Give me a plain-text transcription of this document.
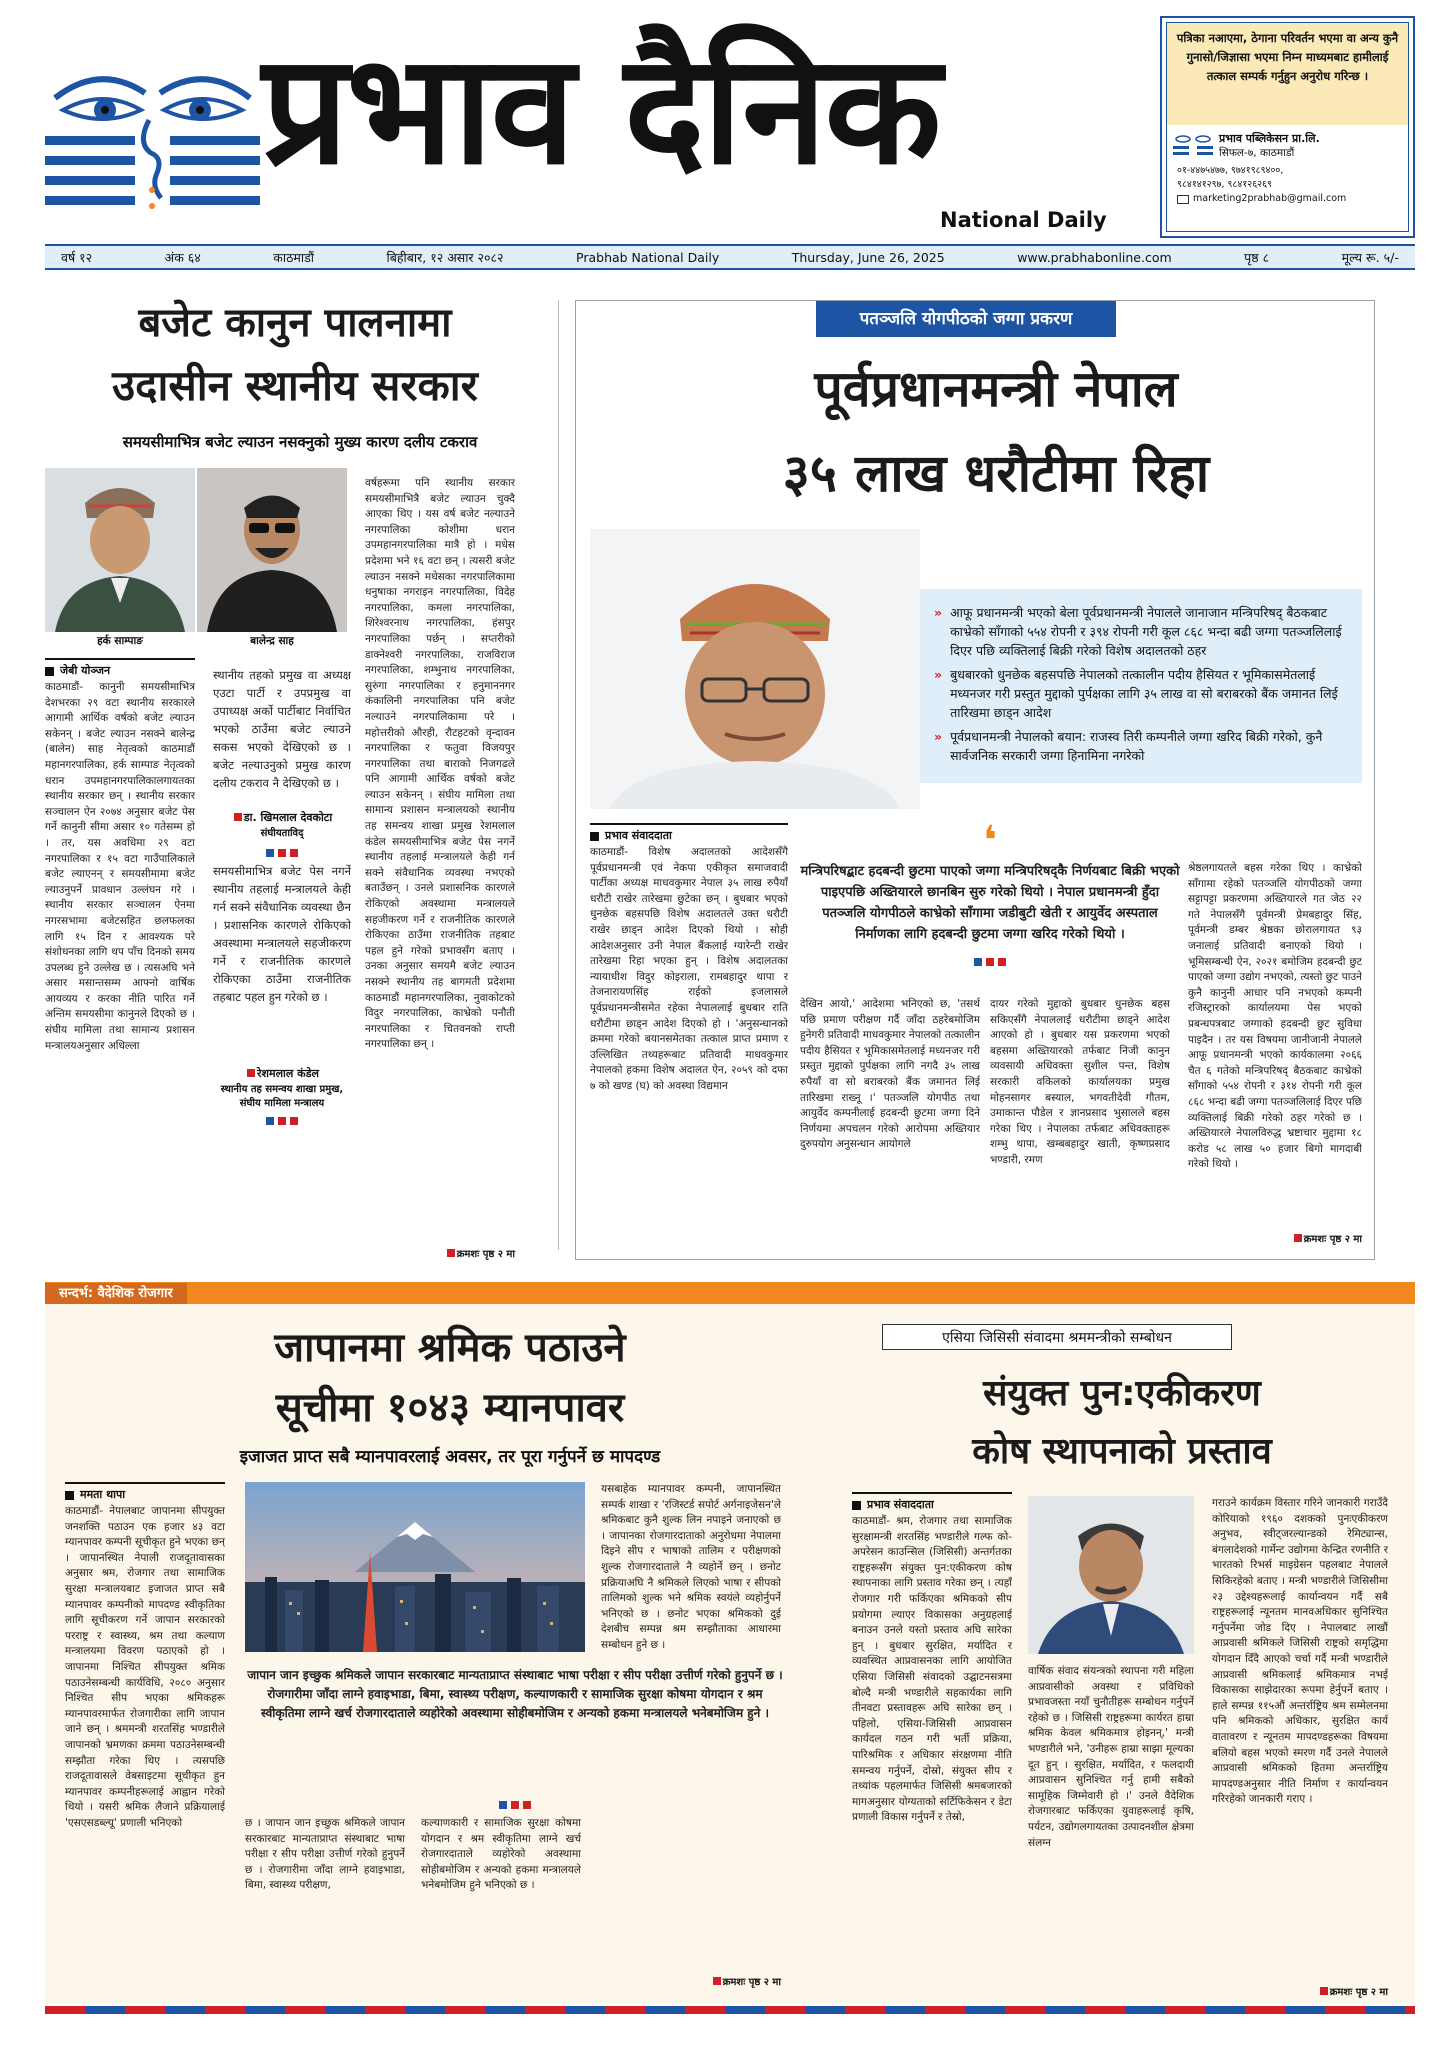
प्रभाव दैनिक
National Daily
पत्रिका नआएमा, ठेगाना परिवर्तन भएमा वा अन्य कुनै गुनासो/जिज्ञासा भएमा निम्न माध्यमबाट हामीलाई तत्काल सम्पर्क गर्नुहुन अनुरोध गरिन्छ ।
प्रभाव पब्लिकेसन प्रा.लि.
सिफल-७, काठमाडौं
०१-४४७५४७७, ९७४१९८९४००,
९८४१४१२९७, ९८४१२६२६९
marketing2prabhab@gmail.com
वर्ष १२	अंक ६४	काठमाडौं	बिहीबार, १२ असार २०८२	Prabhab National Daily	Thursday, June 26, 2025	www.prabhabonline.com	पृष्ठ ८	मूल्य रू. ५/-
बजेट कानुन पालनामा
उदासीन स्थानीय सरकार
समयसीमाभित्र बजेट ल्याउन नसक्नुको मुख्य कारण दलीय टकराव
हर्क साम्पाङ	बालेन्द्र साह
जेबी योञ्जन

काठमाडौं- कानुनी समयसीमाभित्र देशभरका २९ वटा स्थानीय सरकारले आगामी आर्थिक वर्षको बजेट ल्याउन सकेनन् । बजेट ल्याउन नसक्ने बालेन्द्र (बालेन) साह नेतृत्वको काठमाडौं महानगरपालिका, हर्क साम्पाङ नेतृत्वको धरान उपमहानगरपालिकालगायतका स्थानीय सरकार छन् । स्थानीय सरकार सञ्चालन ऐन २०७४ अनुसार बजेट पेस गर्ने कानुनी सीमा असार १० गतेसम्म हो । तर, यस अवधिमा २९ वटा नगरपालिका र १५ वटा गाउँपालिकाले बजेट ल्याएनन् र समयसीमामा बजेट ल्याउनुपर्ने प्रावधान उल्लंघन गरे । स्थानीय सरकार सञ्चालन ऐनमा नगरसभामा बजेटसहित छलफलका लागि १५ दिन र आवश्यक परे संशोधनका लागि थप पाँच दिनको समय उपलब्ध हुने उल्लेख छ । त्यसअघि भने असार मसान्तसम्म आफ्नो वार्षिक आयव्यय र करका नीति पारित गर्ने अन्तिम समयसीमा कानुनले दिएको छ । संघीय मामिला तथा सामान्य प्रशासन मन्त्रालयअनुसार अधिल्ला

स्थानीय तहको प्रमुख वा अध्यक्ष एउटा पार्टी र उपप्रमुख वा उपाध्यक्ष अर्को पार्टीबाट निर्वाचित भएको ठाउँमा बजेट ल्याउने सकस भएको देखिएको छ । बजेट नल्याउनुको प्रमुख कारण दलीय टकराव नै देखिएको छ ।

डा. खिमलाल देवकोटा
संघीयताविद्

समयसीमाभित्र बजेट पेस नगर्ने स्थानीय तहलाई मन्त्रालयले केही गर्न सक्ने संवैधानिक व्यवस्था छैन । प्रशासनिक कारणले रोकिएको अवस्थामा मन्त्रालयले सहजीकरण गर्ने र राजनीतिक कारणले रोकिएका ठाउँमा राजनीतिक तहबाट पहल हुन गरेको छ ।

रेशमलाल कंडेल
स्थानीय तह समन्वय शाखा प्रमुख, संघीय मामिला मन्त्रालय

वर्षहरूमा पनि स्थानीय सरकार समयसीमाभित्रै बजेट ल्याउन चुक्दै आएका थिए । यस वर्ष बजेट नल्याउने नगरपालिका कोशीमा धरान उपमहानगरपालिका मात्रै हो । मधेस प्रदेशमा भने १६ वटा छन् । त्यसरी बजेट ल्याउन नसक्ने मधेसका नगरपालिकामा धनुषाका नगराइन नगरपालिका, विदेह नगरपालिका, कमला नगरपालिका, शिरेश्वरनाथ नगरपालिका, हंसपुर नगरपालिका पर्छन् । सप्तरीको डाक्नेश्वरी नगरपालिका, राजविराज नगरपालिका, शम्भुनाथ नगरपालिका, सुरुंगा नगरपालिका र हनुमाननगर कंकालिनी नगरपालिका पनि बजेट नल्याउने नगरपालिकामा परे । महोत्तरीको औरही, रौटहटको वृन्दावन नगरपालिका र फतुवा विजयपुर नगरपालिका तथा बाराको निजगढले पनि आगामी आर्थिक वर्षको बजेट ल्याउन सकेनन् । संघीय मामिला तथा सामान्य प्रशासन मन्त्रालयको स्थानीय तह समन्वय शाखा प्रमुख रेशमलाल कंडेल समयसीमाभित्र बजेट पेस नगर्ने स्थानीय तहलाई मन्त्रालयले केही गर्न सक्ने संवैधानिक व्यवस्था नभएको बताउँछन् । उनले प्रशासनिक कारणले रोकिएको अवस्थामा मन्त्रालयले सहजीकरण गर्ने र राजनीतिक कारणले रोकिएका ठाउँमा राजनीतिक तहबाट पहल हुने गरेको प्रभावसँग बताए । उनका अनुसार समयमै बजेट ल्याउन नसक्ने स्थानीय तह बागमती प्रदेशमा काठमाडौं महानगरपालिका, नुवाकोटको विदुर नगरपालिका, काभ्रेको पनौती नगरपालिका र चितवनको राप्ती नगरपालिका छन् ।

क्रमशः पृष्ठ २ मा
पतञ्जलि योगपीठको जग्गा प्रकरण
पूर्वप्रधानमन्त्री नेपाल
३५ लाख धरौटीमा रिहा
» आफू प्रधानमन्त्री भएको बेला पूर्वप्रधानमन्त्री नेपालले जानाजान मन्त्रिपरिषद् बैठकबाट काभ्रेको साँगाको ५५४ रोपनी र ३९४ रोपनी गरी कूल ८६८ भन्दा बढी जग्गा पतञ्जलिलाई दिएर पछि व्यक्तिलाई बिक्री गरेको विशेष अदालतको ठहर
» बुधबारको धुनछेक बहसपछि नेपालको तत्कालीन पदीय हैसियत र भूमिकासमेतलाई मध्यनजर गरी प्रस्तुत मुद्दाको पुर्पक्षका लागि ३५ लाख वा सो बराबरको बैंक जमानत लिई तारिखमा छाड्न आदेश
» पूर्वप्रधानमन्त्री नेपालको बयान: राजस्व तिरी कम्पनीले जग्गा खरिद बिक्री गरेको, कुनै सार्वजनिक सरकारी जग्गा हिनामिना नगरेको
प्रभाव संवाददाता

काठमाडौं- विशेष अदालतको आदेशसँगै पूर्वप्रधानमन्त्री एवं नेकपा एकीकृत समाजवादी पार्टीका अध्यक्ष माधवकुमार नेपाल ३५ लाख रुपैयाँ धरौटी राखेर तारेखमा छुटेका छन् । बुधबार भएको धुनछेक बहसपछि विशेष अदालतले उक्त धरौटी राखेर छाड्न आदेश दिएको थियो । सोही आदेशअनुसार उनी नेपाल बैंकलाई ग्यारेन्टी राखेर तारेखमा रिहा भएका हुन् । विशेष अदालतका न्यायाधीश विदुर कोइराला, रामबहादुर थापा र तेजनारायणसिंह राईको इजलासले पूर्वप्रधानमन्त्रीसमेत रहेका नेपाललाई बुधबार राति धरौटीमा छाड्न आदेश दिएको हो । 'अनुसन्धानको क्रममा गरेको बयानसमेतका तत्काल प्राप्त प्रमाण र उल्लिखित तथ्यहरूबाट प्रतिवादी माधवकुमार नेपालको हकमा विशेष अदालत ऐन, २०५९ को दफा ७ को खण्ड (घ) को अवस्था विद्यमान

❛
मन्त्रिपरिषद्बाट हदबन्दी छुटमा पाएको जग्गा मन्त्रिपरिषद्कै निर्णयबाट बिक्री भएको पाइएपछि अख्तियारले छानबिन सुरु गरेको थियो । नेपाल प्रधानमन्त्री हुँदा पतञ्जलि योगपीठले काभ्रेको साँगामा जडीबुटी खेती र आयुर्वेद अस्पताल निर्माणका लागि हदबन्दी छुटमा जग्गा खरिद गरेको थियो ।

देखिन आयो,' आदेशमा भनिएको छ, 'तसर्थ पछि प्रमाण परीक्षण गर्दै जाँदा ठहरेबमोजिम हुनेगरी प्रतिवादी माधवकुमार नेपालको तत्कालीन पदीय हैसियत र भूमिकासमेतलाई मध्यनजर गरी प्रस्तुत मुद्दाको पुर्पक्षका लागि नगदै ३५ लाख रुपैयाँ वा सो बराबरको बैंक जमानत लिई तारिखमा राख्नू ।' पतञ्जलि योगपीठ तथा आयुर्वेद कम्पनीलाई हदबन्दी छुटमा जग्गा दिने निर्णयमा अपचलन गरेको आरोपमा अख्तियार दुरुपयोग अनुसन्धान आयोगले

दायर गरेको मुद्दाको बुधबार धुनछेक बहस सकिएसँगै नेपाललाई धरौटीमा छाड्ने आदेश आएको हो । बुधबार यस प्रकरणमा भएको बहसमा अख्तियारको तर्फबाट निजी कानुन व्यवसायी अधिवक्ता सुशील पन्त, विशेष सरकारी वकिलको कार्यालयका प्रमुख मोहनसागर बस्याल, भगवतीदेवी गौतम, उमाकान्त पौडेल र ज्ञानप्रसाद भुसालले बहस गरेका थिए । नेपालका तर्फबाट अधिवक्ताहरू शम्भु थापा, खम्बबहादुर खाती, कृष्णप्रसाद भण्डारी, रमण

श्रेष्ठलगायतले बहस गरेका थिए । काभ्रेको साँगामा रहेको पतञ्जलि योगपीठको जग्गा सट्टापट्टा प्रकरणमा अख्तियारले गत जेठ २२ गते नेपालसँगै पूर्वमन्त्री प्रेमबहादुर सिंह, पूर्वमन्त्री डम्बर श्रेष्ठका छोरालगायत ९३ जनालाई प्रतिवादी बनाएको थियो । भूमिसम्बन्धी ऐन, २०२१ बमोजिम हदबन्दी छुट पाएको जग्गा उद्योग नभएको, त्यस्तो छुट पाउने कुनै कानुनी आधार पनि नभएको कम्पनी रजिस्ट्रारको कार्यालयमा पेस भएको प्रबन्धपत्रबाट जग्गाको हदबन्दी छुट सुविधा पाइदैन । तर यस विषयमा जानीजानी नेपालले आफू प्रधानमन्त्री भएको कार्यकालमा २०६६ चैत ६ गतेको मन्त्रिपरिषद् बैठकबाट काभ्रेको साँगाको ५५४ रोपनी र ३१४ रोपनी गरी कूल ८६८ भन्दा बढी जग्गा पतञ्जलिलाई दिएर पछि व्यक्तिलाई बिक्री गरेको ठहर गरेको छ । अख्तियारले नेपालविरुद्ध भ्रष्टाचार मुद्दामा १८ करोड ५८ लाख ५० हजार बिगो मागदाबी गरेको थियो ।

क्रमशः पृष्ठ २ मा
सन्दर्भ: वैदेशिक रोजगार
जापानमा श्रमिक पठाउने
सूचीमा १०४३ म्यानपावर
इजाजत प्राप्त सबै म्यानपावरलाई अवसर, तर पूरा गर्नुपर्ने छ मापदण्ड
ममता थापा

काठमाडौं- नेपालबाट जापानमा सीपयुक्त जनशक्ति पठाउन एक हजार ४३ वटा म्यानपावर कम्पनी सूचीकृत हुने भएका छन् । जापानस्थित नेपाली राजदूतावासका अनुसार श्रम, रोजगार तथा सामाजिक सुरक्षा मन्त्रालयबाट इजाजत प्राप्त सबै म्यानपावर कम्पनीको मापदण्ड स्वीकृतिका लागि सूचीकरण गर्ने जापान सरकारको परराष्ट्र र स्वास्थ्य, श्रम तथा कल्याण मन्त्रालयमा विवरण पठाएको हो । जापानमा निश्चित सीपयुक्त श्रमिक पठाउनेसम्बन्धी कार्यविधि, २०८० अनुसार निश्चित सीप भएका श्रमिकहरू म्यानपावरमार्फत रोजगारीका लागि जापान जाने छन् । श्रममन्त्री शरतसिंह भण्डारीले जापानको भ्रमणका क्रममा पठाउनेसम्बन्धी सम्झौता गरेका थिए । त्यसपछि राजदूतावासले वेबसाइटमा सूचीकृत हुन म्यानपावर कम्पनीहरूलाई आह्वान गरेको थियो । यसरी श्रमिक लैजाने प्रक्रियालाई 'एसएसडब्ल्यू' प्रणाली भनिएको

यसबाहेक म्यानपावर कम्पनी, जापानस्थित सम्पर्क शाखा र 'रजिस्टर्ड सपोर्ट अर्गनाइजेसन'ले श्रमिकबाट कुनै शुल्क लिन नपाइने जनाएको छ । जापानका रोजगारदाताको अनुरोधमा नेपालमा दिइने सीप र भाषाको तालिम र परीक्षणको शुल्क रोजगारदाताले नै व्यहोर्ने छन् । छनोट प्रक्रियाअघि नै श्रमिकले लिएको भाषा र सीपको तालिमको शुल्क भने श्रमिक स्वयंले व्यहोर्नुपर्ने भनिएको छ । छनोट भएका श्रमिकको दुई देशबीच सम्पन्न श्रम सम्झौताका आधारमा सम्बोधन हुने छ ।

जापान जान इच्छुक श्रमिकले जापान सरकारबाट मान्यताप्राप्त संस्थाबाट भाषा परीक्षा र सीप परीक्षा उत्तीर्ण गरेको हुनुपर्ने छ । रोजगारीमा जाँदा लाग्ने हवाइभाडा, बिमा, स्वास्थ्य परीक्षण, कल्याणकारी र सामाजिक सुरक्षा कोषमा योगदान र श्रम स्वीकृतिमा लाग्ने खर्च रोजगारदाताले व्यहोरेको अवस्थामा सोहीबमोजिम र अन्यको हकमा मन्त्रालयले भनेबमोजिम हुने ।

छ । जापान जान इच्छुक श्रमिकले जापान सरकारबाट मान्यताप्राप्त संस्थाबाट भाषा परीक्षा र सीप परीक्षा उत्तीर्ण गरेको हुनुपर्ने छ । रोजगारीमा जाँदा लाग्ने हवाइभाडा, बिमा, स्वास्थ्य परीक्षण,

कल्याणकारी र सामाजिक सुरक्षा कोषमा योगदान र श्रम स्वीकृतिमा लाग्ने खर्च रोजगारदाताले व्यहोरेको अवस्थामा सोहीबमोजिम र अन्यको हकमा मन्त्रालयले भनेबमोजिम हुने भनिएको छ ।

क्रमशः पृष्ठ २ मा
एसिया जिसिसी संवादमा श्रममन्त्रीको सम्बोधन
संयुक्त पुन:एकीकरण
कोष स्थापनाको प्रस्ताव
प्रभाव संवाददाता

काठमाडौं- श्रम, रोजगार तथा सामाजिक सुरक्षामन्त्री शरतसिंह भण्डारीले गल्फ को-अपरेसन काउन्सिल (जिसिसी) अन्तर्गतका राष्ट्रहरूसँग संयुक्त पुन:एकीकरण कोष स्थापनाका लागि प्रस्ताव गरेका छन् । त्यहाँ रोजगार गरी फर्किएका श्रमिकको सीप प्रयोगमा ल्याएर विकासका अनुग्रहलाई बनाउन उनले यस्तो प्रस्ताव अघि सारेका हुन् । बुधबार सुरक्षित, मर्यादित र व्यवस्थित आप्रवासनका लागि आयोजित एसिया जिसिसी संवादको उद्घाटनसत्रमा बोल्दै मन्त्री भण्डारीले सहकार्यका लागि तीनवटा प्रस्तावहरू अघि सारेका छन् । पहिलो, एसिया-जिसिसी आप्रवासन कार्यदल गठन गरी भर्ती प्रक्रिया, पारिश्रमिक र अधिकार संरक्षणमा नीति समन्वय गर्नुपर्ने, दोस्रो, संयुक्त सीप र तथ्यांक पहलमार्फत जिसिसी श्रमबजारको मागअनुसार योग्यताको सर्टिफिकेसन र डेटा प्रणाली विकास गर्नुपर्ने र तेस्रो,

वार्षिक संवाद संयन्त्रको स्थापना गरी महिला आप्रवासीको अवस्था र प्रविधिको प्रभावजस्ता नयाँ चुनौतीहरू सम्बोधन गर्नुपर्ने रहेको छ । जिसिसी राष्ट्रहरूमा कार्यरत हाम्रा श्रमिक केवल श्रमिकमात्र होइनन्,' मन्त्री भण्डारीले भने, 'उनीहरू हाम्रा साझा मूल्यका दूत हुन् । सुरक्षित, मर्यादित, र फलदायी आप्रवासन सुनिश्चित गर्नु हामी सबैको सामूहिक जिम्मेवारी हो ।' उनले वैदेशिक रोजगारबाट फर्किएका युवाहरूलाई कृषि, पर्यटन, उद्योगलगायतका उत्पादनशील क्षेत्रमा संलग्न

गराउने कार्यक्रम विस्तार गरिने जानकारी गराउँदै कोरियाको १९६० दशकको पुनःएकीकरण अनुभव, स्वीट्जरल्यान्डको रेमिट्यान्स, बंगलादेशको गार्मेन्ट उद्योगमा केन्द्रित रणनीति र भारतको रिभर्स माइग्रेसन पहलबाट नेपालले सिकिरहेको बताए । मन्त्री भण्डारीले जिसिसीमा २३ उद्देश्यहरूलाई कार्यान्वयन गर्दै सबै राष्ट्रहरूलाई न्यूनतम मानवअधिकार सुनिश्चित गर्नुपर्नेमा जोड दिए । नेपालबाट लाखौं आप्रवासी श्रमिकले जिसिसी राष्ट्रको समृद्धिमा योगदान दिँदै आएको चर्चा गर्दै मन्त्री भण्डारीले आप्रवासी श्रमिकलाई श्रमिकमात्र नभई विकासका साझेदारका रूपमा हेर्नुपर्ने बताए । हाले सम्पन्न ११५औं अन्तर्राष्ट्रिय श्रम सम्मेलनमा पनि श्रमिकको अधिकार, सुरक्षित कार्य वातावरण र न्यूनतम मापदण्डहरूका विषयमा बलियो बहस भएको स्मरण गर्दै उनले नेपालले आप्रवासी श्रमिकको हितमा अन्तर्राष्ट्रिय मापदण्डअनुसार नीति निर्माण र कार्यान्वयन गरिरहेको जानकारी गराए ।

क्रमशः पृष्ठ २ मा
